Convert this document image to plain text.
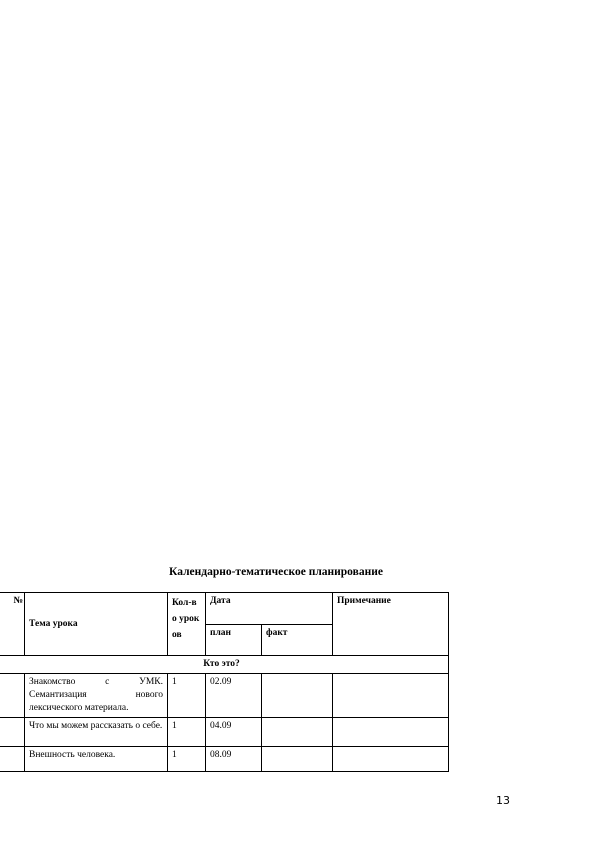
Календарно-тематическое планирование
№	Тема урока	Кол-во уроков	Дата		Примечание
			план	факт	
Кто это?					
	Знакомство с УМК. Семантизация нового лексического материала.	1	02.09		
	Что мы можем рассказать о себе.	1	04.09		
	Внешность человека.	1	08.09		
13
